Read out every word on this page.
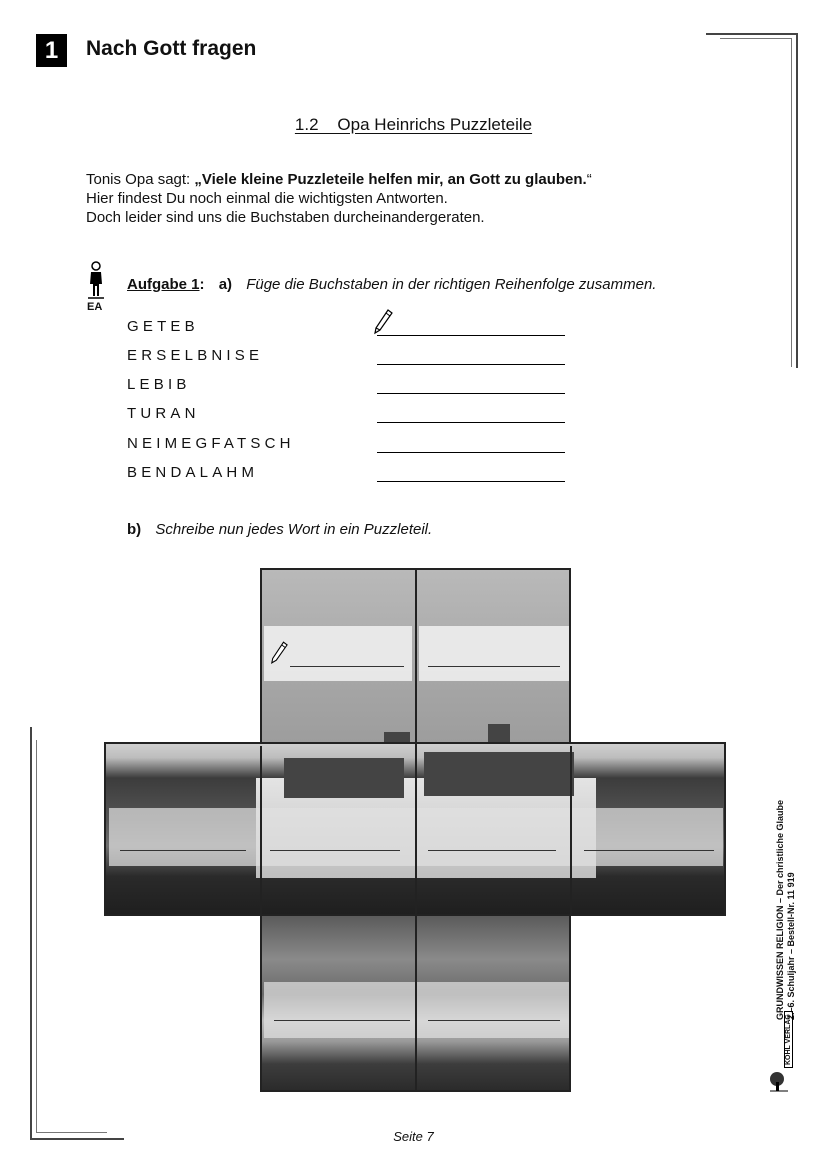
1	Nach Gott fragen
1.2    Opa Heinrichs Puzzleteile
Tonis Opa sagt: „Viele kleine Puzzleteile helfen mir, an Gott zu glauben.“
Hier findest Du noch einmal die wichtigsten Antworten.
Doch leider sind uns die Buchstaben durcheinandergeraten.
EA
Aufgabe 1: a) Füge die Buchstaben in der richtigen Reihenfolge zusammen.
GETEB
ERSELBNISE
LEBIB
TURAN
NEIMEGFATSCH
BENDALAHM
b) Schreibe nun jedes Wort in ein Puzzleteil.
GRUNDWISSEN RELIGION – Der christliche Glaube 2.–6. Schuljahr – Bestell-Nr. 11 919
KOHL VERLAG
Seite 7
